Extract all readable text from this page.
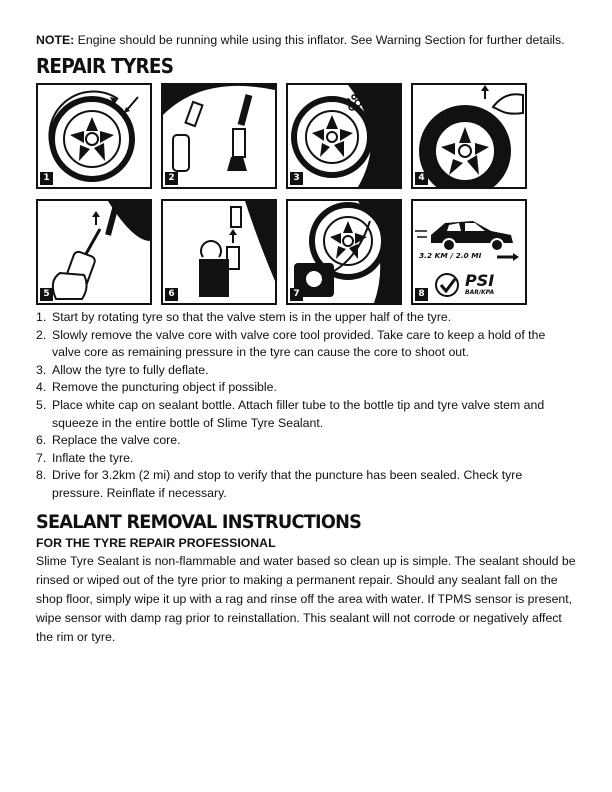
NOTE: Engine should be running while using this inflator. See Warning Section for further details.

REPAIR TYRES
1	2	3	4
5	6	7
3.2 KM / 2.0 MI
PSI
BAR/KPA
8
1. Start by rotating tyre so that the valve stem is in the upper half of the tyre.
2. Slowly remove the valve core with valve core tool provided. Take care to keep a hold of the valve core as remaining pressure in the tyre can cause the core to shoot out.
3. Allow the tyre to fully deflate.
4. Remove the puncturing object if possible.
5. Place white cap on sealant bottle. Attach filler tube to the bottle tip and tyre valve stem and squeeze in the entire bottle of Slime Tyre Sealant.
6. Replace the valve core.
7. Inflate the tyre.
8. Drive for 3.2km (2 mi) and stop to verify that the puncture has been sealed. Check tyre pressure. Reinflate if necessary.
SEALANT REMOVAL INSTRUCTIONS
FOR THE TYRE REPAIR PROFESSIONAL

Slime Tyre Sealant is non-flammable and water based so clean up is simple. The sealant should be rinsed or wiped out of the tyre prior to making a permanent repair. Should any sealant fall on the shop floor, simply wipe it up with a rag and rinse off the area with water. If TPMS sensor is present, wipe sensor with damp rag prior to reinstallation. This sealant will not corrode or negatively affect the rim or tyre.
